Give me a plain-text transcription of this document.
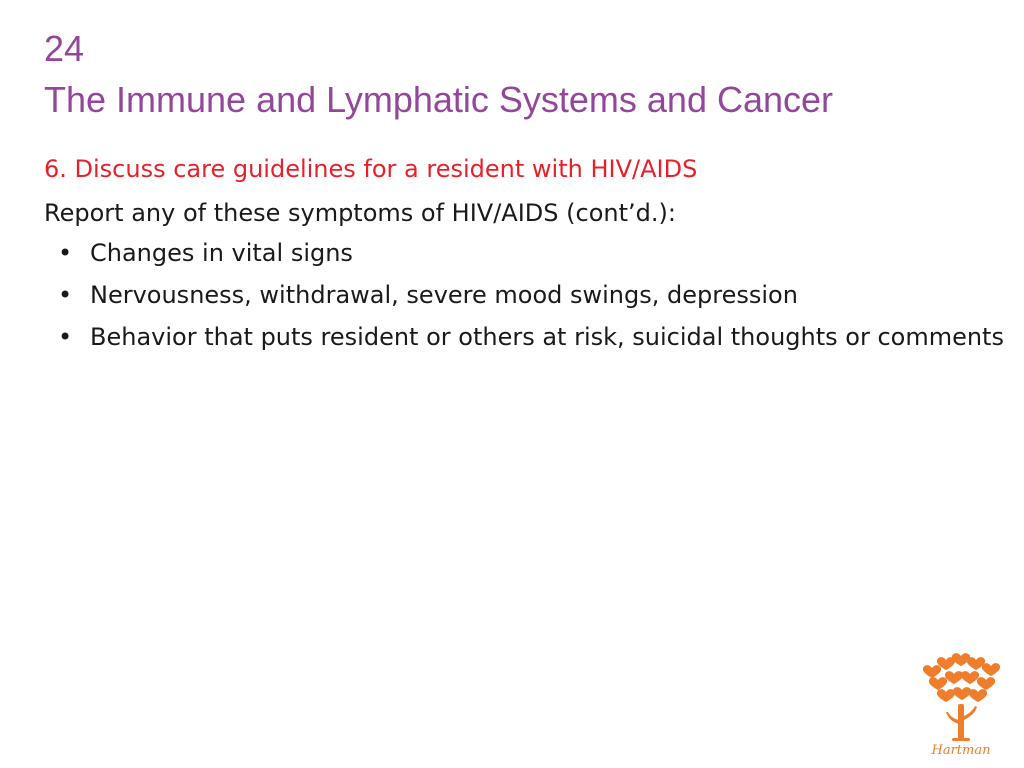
24
The Immune and Lymphatic Systems and Cancer
6. Discuss care guidelines for a resident with HIV/AIDS
Report any of these symptoms of HIV/AIDS (cont’d.):
• Changes in vital signs
• Nervousness, withdrawal, severe mood swings, depression
• Behavior that puts resident or others at risk, suicidal thoughts or comments
Hartman
